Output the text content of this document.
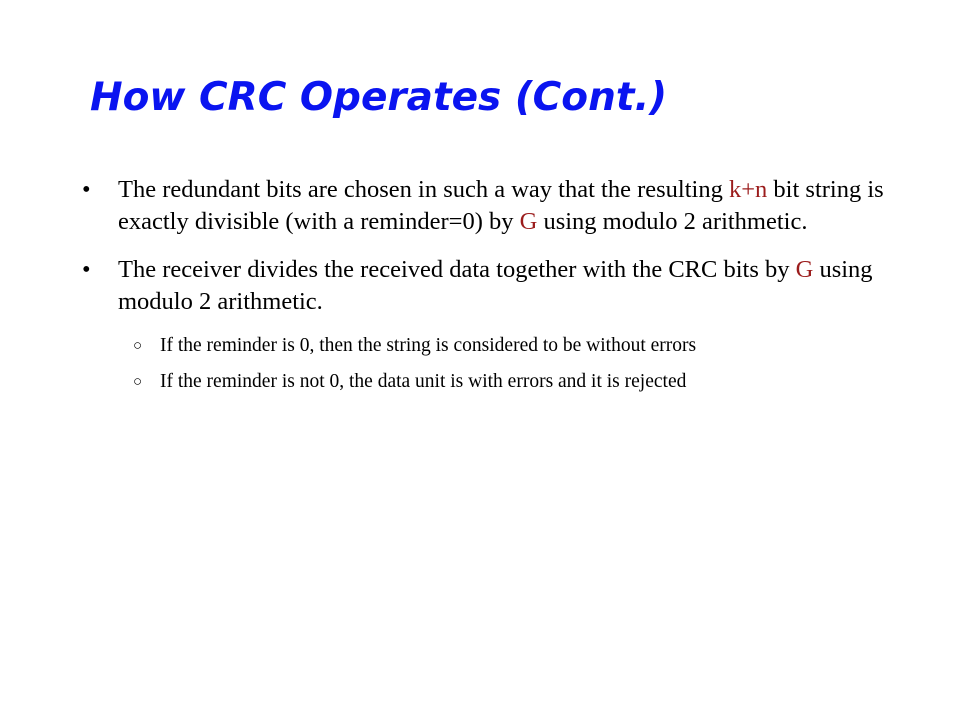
How CRC Operates (Cont.)
• The redundant bits are chosen in such a way that the resulting k+n bit string is exactly divisible (with a reminder=0) by G using modulo 2 arithmetic.
• The receiver divides the received data together with the CRC bits by G using modulo 2 arithmetic.
○ If the reminder is 0, then the string is considered to be without errors
○ If the reminder is not 0, the data unit is with errors and it is rejected
